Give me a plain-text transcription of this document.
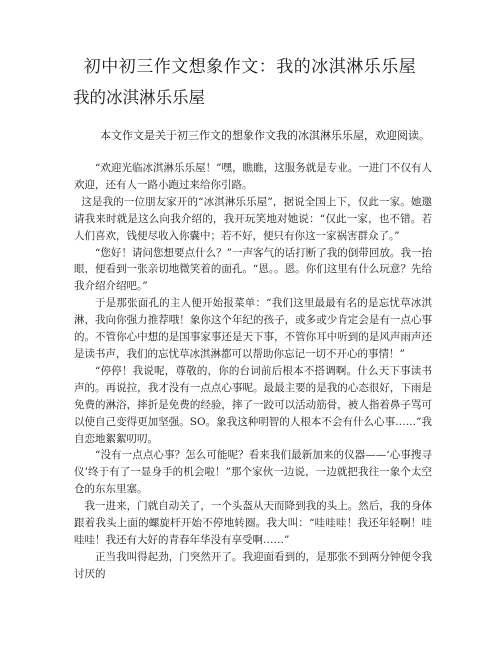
初中初三作文想象作文：我的冰淇淋乐乐屋
我的冰淇淋乐乐屋

本文作文是关于初三作文的想象作文我的冰淇淋乐乐屋，欢迎阅读。

“欢迎光临冰淇淋乐乐屋！”嘿，瞧瞧，这服务就是专业。一进门不仅有人欢迎，还有人一路小跑过来给你引路。

这是我的一位朋友家开的“冰淇淋乐乐屋”，据说全国上下，仅此一家。她邀请我来时就是这么向我介绍的，我开玩笑地对她说：“仅此一家，也不错。若人们喜欢，钱便尽收入你囊中；若不好，便只有你这一家祸害群众了。”

“您好！请问您想要点什么？”一声客气的话打断了我的倒带回放。我一抬眼，便看到一张亲切地微笑着的面孔。“恩。。恩。你们这里有什么玩意？先给我介绍介绍吧。”

于是那张面孔的主人便开始报菜单：“我们这里最最有名的是忘忧草冰淇淋，我向你强力推荐哦！象你这个年纪的孩子，或多或少肯定会是有一点心事的。不管你心中想的是国事家事还是天下事，不管你耳中听到的是风声雨声还是读书声，我们的忘忧草冰淇淋都可以帮助你忘记一切不开心的事情！”

“停停！我说呢，尊敬的，你的台词前后根本不搭调啊。什么天下事读书声的。再说拉，我才没有一点点心事呢。最最主要的是我的心态很好，下雨是免费的淋浴，摔折是免费的经验，摔了一跤可以活动筋骨，被人指着鼻子骂可以使自己变得更加坚强。SO。象我这种明智的人根本不会有什么心事……”我自恋地絮絮叨叨。

“没有一点点心事？怎么可能呢？看来我们最新加来的仪器——‘心事搜寻仪’终于有了一显身手的机会啦！”那个家伙一边说，一边就把我往一象个太空仓的东东里塞。

我一进来，门就自动关了，一个头盔从天而降到我的头上。然后，我的身体跟着我头上面的螺旋杆开始不停地转圈。我大叫：“哇哇哇！我还年轻啊！哇哇哇！我还有大好的青春年华没有享受啊……”

正当我叫得起劲，门突然开了。我迎面看到的，是那张不到两分钟便令我讨厌的
